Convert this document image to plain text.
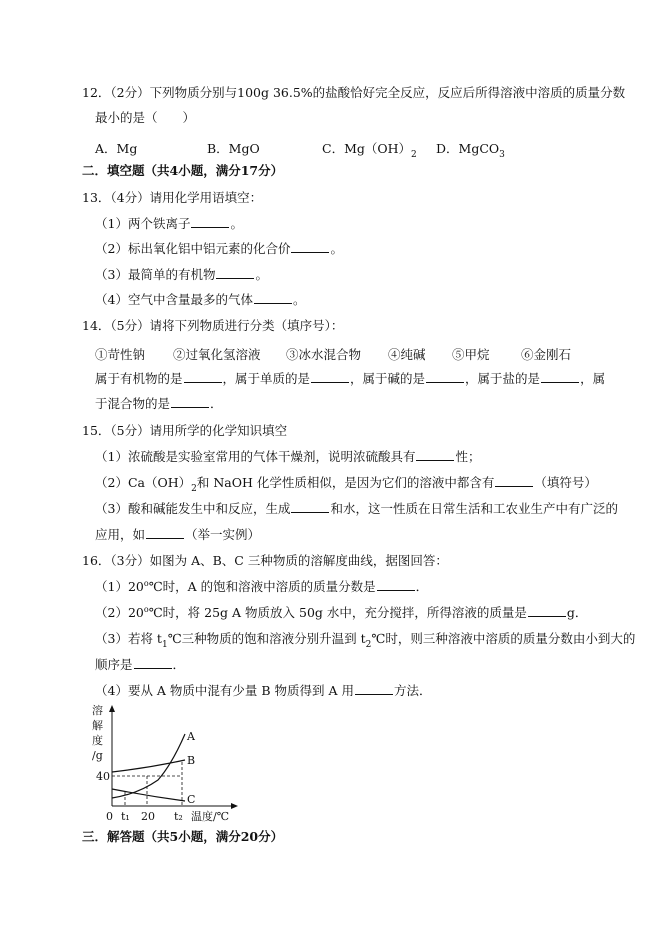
12．（2分）下列物质分别与100g 36.5%的盐酸恰好完全反应，反应后所得溶液中溶质的质量分数
最小的是（　　）
A．Mg	B．MgO	C．$Mg(OH)_2$ D．MgCO$_3$
二．填空题（共4小题，满分17分）
13．（4分）请用化学用语填空：
（1）两个铁离子	。
（2）标出氧化铝中铝元素的化合价	。
（3）最简单的有机物	。
（4）空气中含量最多的气体	。
14．（5分）请将下列物质进行分类（填序号）：
①苛性钠 ②过氧化氢溶液 ③冰水混合物 ④纯碱 ⑤甲烷	⑥金刚石
属于有机物的是	，属于单质的是	，属于碱的是	，属于盐的是	，属
于混合物的是	．
15．（5分）请用所学的化学知识填空
（1）浓硫酸是实验室常用的气体干燥剂，说明浓硫酸具有	性；
$(2)Ca(OH)_2$和 NaOH 化学性质相似，是因为它们的溶液中都含有	（填符号）
（3）酸和碱能发生中和反应，生成	和水，这一性质在日常生活和工农业生产中有广泛的
应用，如	（举一实例）
16．（3分）如图为 A、B、C 三种物质的溶解度曲线，据图回答：
（1）20$^o$℃时，A 的饱和溶液中溶质的质量分数是	．
（2）20$^o$℃时，将 25g A 物质放入 50g 水中，充分搅拌，所得溶液的质量是	g．
（3）若将 $t_1℃$三种物质的饱和溶液分别升温到 $t_2℃$时，则三种溶液中溶质的质量分数由小到大的
顺序是	．
（4）要从 A 物质中混有少量 B 物质得到 A 用	方法．
溶
解
度
/g
A
B
C
40
0 t₁ 20 t₂ 温度/℃
三．解答题（共5小题，满分20分）
